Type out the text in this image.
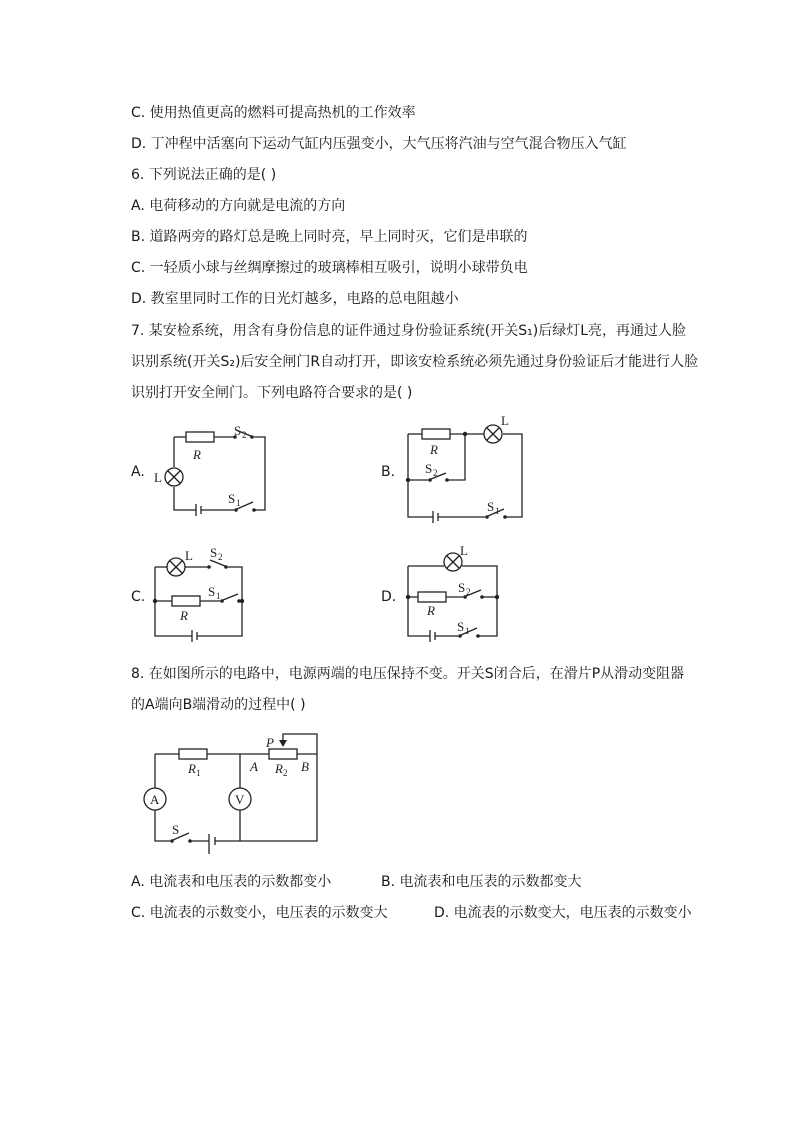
C. 使用热值更高的燃料可提高热机的工作效率
D. 丁冲程中活塞向下运动气缸内压强变小，大气压将汽油与空气混合物压入气缸
6. 下列说法正确的是( )
A. 电荷移动的方向就是电流的方向
B. 道路两旁的路灯总是晚上同时亮，早上同时灭，它们是串联的
C. 一轻质小球与丝绸摩擦过的玻璃棒相互吸引，说明小球带负电
D. 教室里同时工作的日光灯越多，电路的总电阻越小
7. 某安检系统，用含有身份信息的证件通过身份验证系统(开关S₁)后绿灯L亮，再通过人脸
识别系统(开关S₂)后安全闸门R自动打开，即该安检系统必须先通过身份验证后才能进行人脸
识别打开安全闸门。下列电路符合要求的是( )
A.	B.
C.	D.
R
L
S 1
S 2
R
L
S 2
S 1
L S 2
S 1
R
L
S 2
R
S 1
8. 在如图所示的电路中，电源两端的电压保持不变。开关S闭合后，在滑片P从滑动变阻器
的A端向B端滑动的过程中( )
A	V
R 1	R 2
A	B
P
S
A. 电流表和电压表的示数都变小	B. 电流表和电压表的示数都变大
C. 电流表的示数变小，电压表的示数变大	D. 电流表的示数变大，电压表的示数变小
